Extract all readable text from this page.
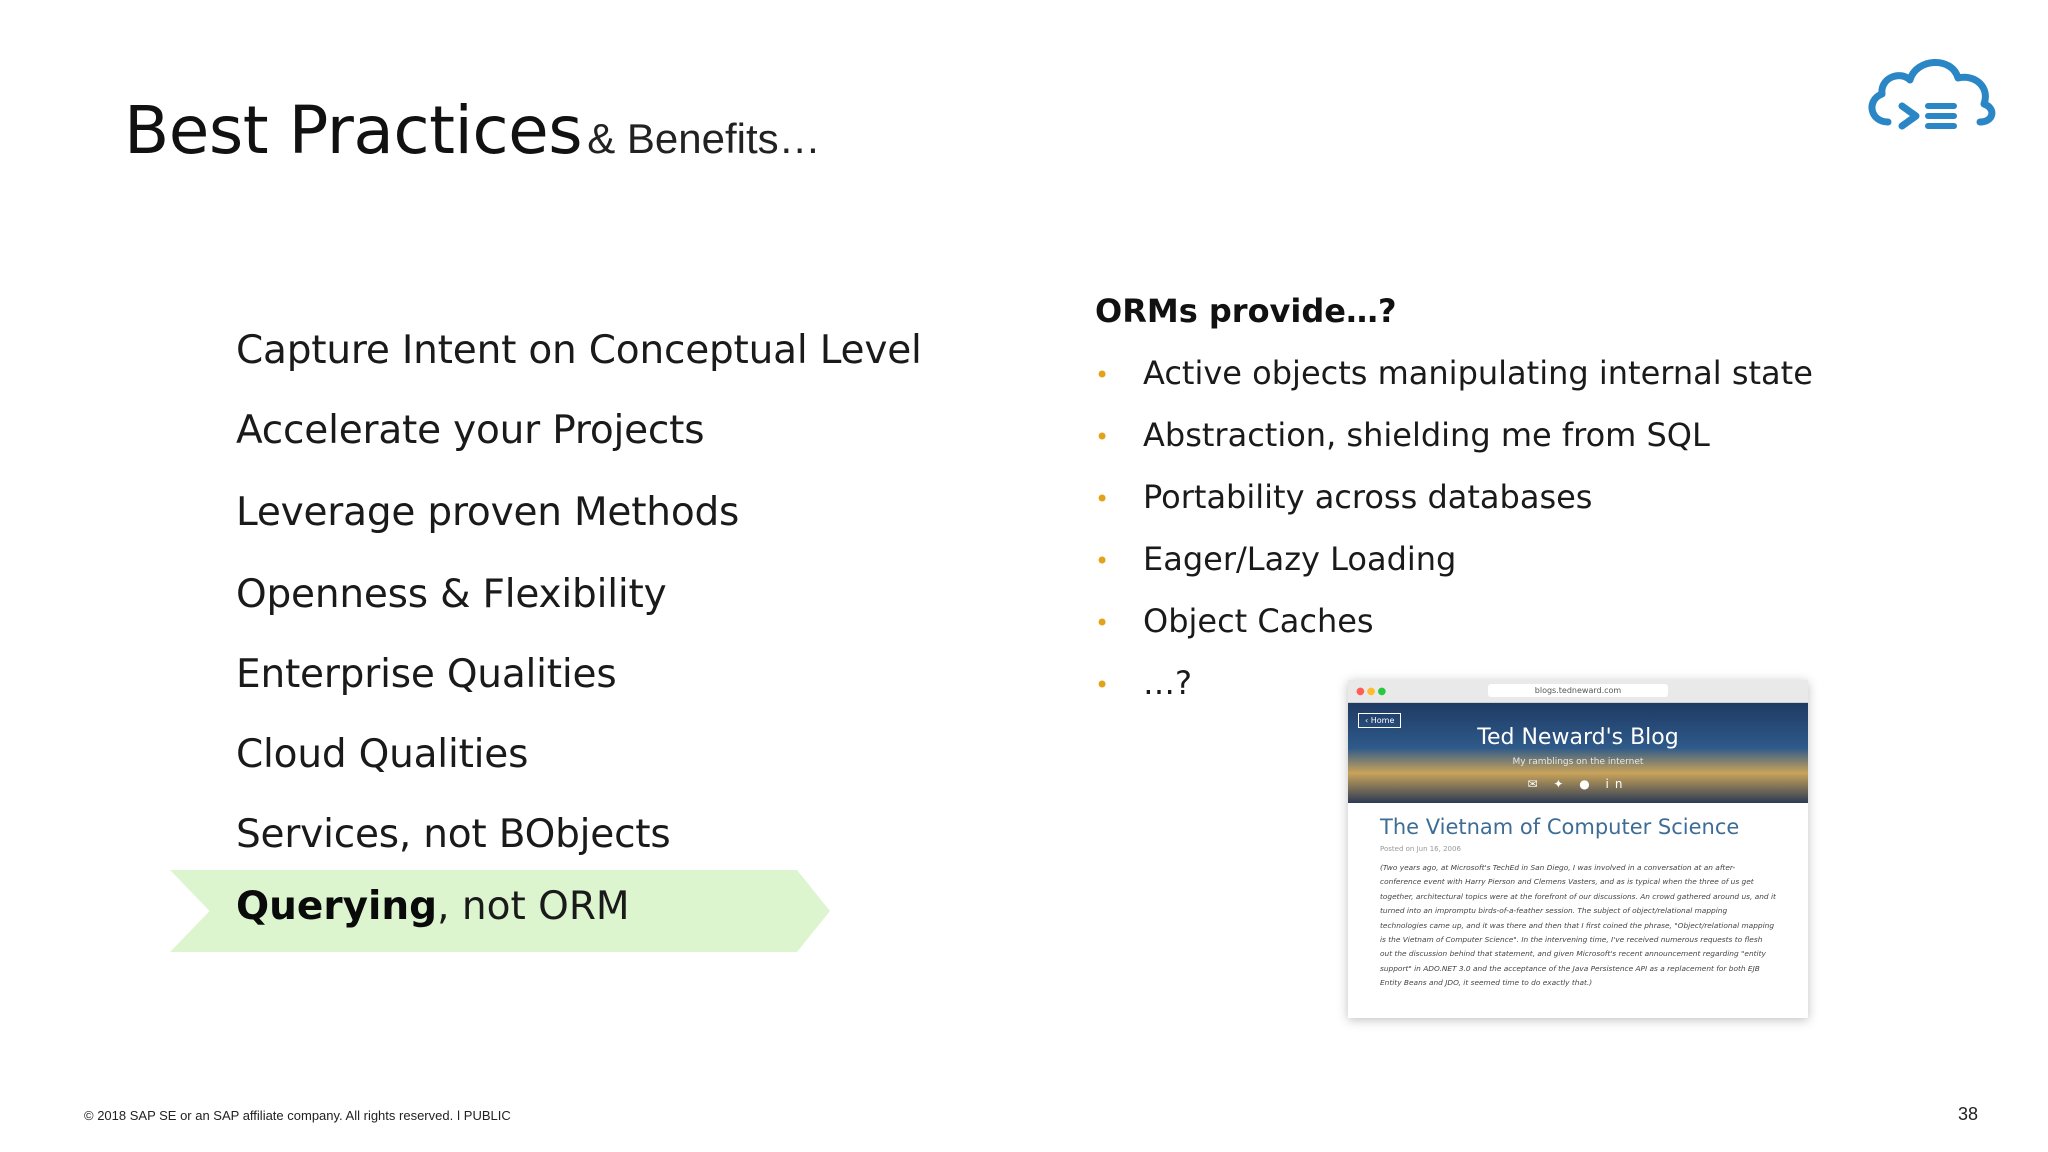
Best Practices & Benefits…
Capture Intent on Conceptual Level
Accelerate your Projects
Leverage proven Methods
Openness & Flexibility
Enterprise Qualities
Cloud Qualities
Services, not BObjects
Querying, not ORM
ORMs provide…?
• Active objects manipulating internal state
• Abstraction, shielding me from SQL
• Portability across databases
• Eager/Lazy Loading
• Object Caches
• …?	●●●	blogs.tedneward.com
‹ Home
Ted Neward's Blog
My ramblings on the internet
✉ ✦ ● in
The Vietnam of Computer Science
Posted on Jun 16, 2006
(Two years ago, at Microsoft's TechEd in San Diego, I was involved in a conversation at an after-conference event with Harry Pierson and Clemens Vasters, and as is typical when the three of us get together, architectural topics were at the forefront of our discussions. An crowd gathered around us, and it turned into an impromptu birds-of-a-feather session. The subject of object/relational mapping technologies came up, and it was there and then that I first coined the phrase, "Object/relational mapping is the Vietnam of Computer Science". In the intervening time, I've received numerous requests to flesh out the discussion behind that statement, and given Microsoft's recent announcement regarding "entity support" in ADO.NET 3.0 and the acceptance of the Java Persistence API as a replacement for both EJB Entity Beans and JDO, it seemed time to do exactly that.)
© 2018 SAP SE or an SAP affiliate company. All rights reserved. ǀ PUBLIC	38
